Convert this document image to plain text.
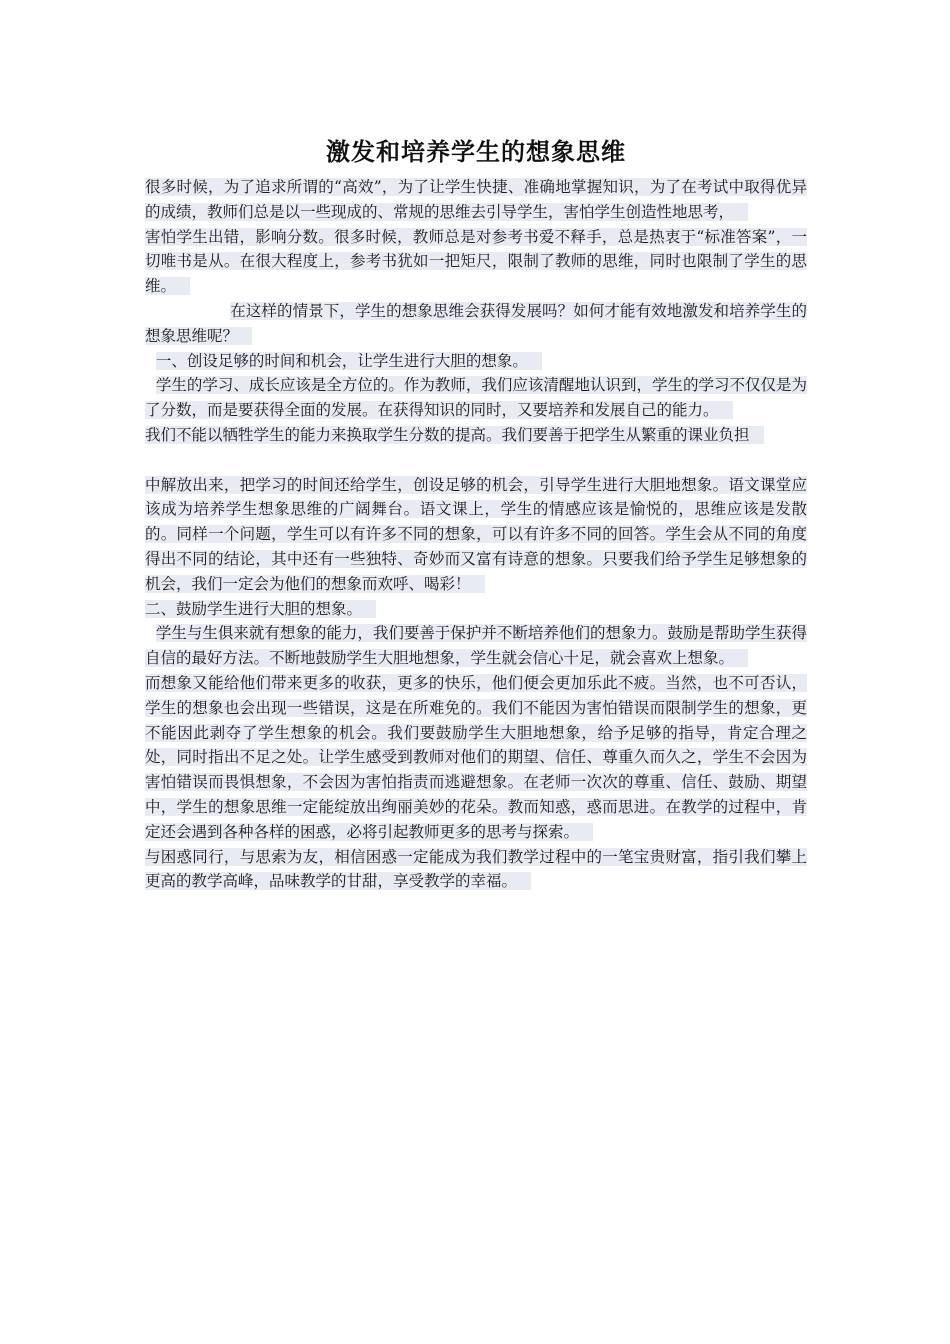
激发和培养学生的想象思维

很多时候，为了追求所谓的“高效”，为了让学生快捷、准确地掌握知识，为了在考试中取得优异的成绩，教师们总是以一些现成的、常规的思维去引导学生，害怕学生创造性地思考，

害怕学生出错，影响分数。很多时候，教师总是对参考书爱不释手，总是热衷于“标准答案”，一切唯书是从。在很大程度上，参考书犹如一把矩尺，限制了教师的思维，同时也限制了学生的思维。

在这样的情景下，学生的想象思维会获得发展吗？如何才能有效地激发和培养学生的想象思维呢？

一、创设足够的时间和机会，让学生进行大胆的想象。

学生的学习、成长应该是全方位的。作为教师，我们应该清醒地认识到，学生的学习不仅仅是为了分数，而是要获得全面的发展。在获得知识的同时，又要培养和发展自己的能力。

我们不能以牺牲学生的能力来换取学生分数的提高。我们要善于把学生从繁重的课业负担

中解放出来，把学习的时间还给学生，创设足够的机会，引导学生进行大胆地想象。语文课堂应该成为培养学生想象思维的广阔舞台。语文课上，学生的情感应该是愉悦的，思维应该是发散的。同样一个问题，学生可以有许多不同的想象，可以有许多不同的回答。学生会从不同的角度得出不同的结论，其中还有一些独特、奇妙而又富有诗意的想象。只要我们给予学生足够想象的机会，我们一定会为他们的想象而欢呼、喝彩！

二、鼓励学生进行大胆的想象。

学生与生俱来就有想象的能力，我们要善于保护并不断培养他们的想象力。鼓励是帮助学生获得自信的最好方法。不断地鼓励学生大胆地想象，学生就会信心十足，就会喜欢上想象。

而想象又能给他们带来更多的收获，更多的快乐，他们便会更加乐此不疲。当然，也不可否认，学生的想象也会出现一些错误，这是在所难免的。我们不能因为害怕错误而限制学生的想象，更不能因此剥夺了学生想象的机会。我们要鼓励学生大胆地想象，给予足够的指导，肯定合理之处，同时指出不足之处。让学生感受到教师对他们的期望、信任、尊重久而久之，学生不会因为害怕错误而畏惧想象，不会因为害怕指责而逃避想象。在老师一次次的尊重、信任、鼓励、期望中，学生的想象思维一定能绽放出绚丽美妙的花朵。教而知惑，惑而思进。在教学的过程中，肯定还会遇到各种各样的困惑，必将引起教师更多的思考与探索。

与困惑同行，与思索为友，相信困惑一定能成为我们教学过程中的一笔宝贵财富，指引我们攀上更高的教学高峰，品味教学的甘甜，享受教学的幸福。
